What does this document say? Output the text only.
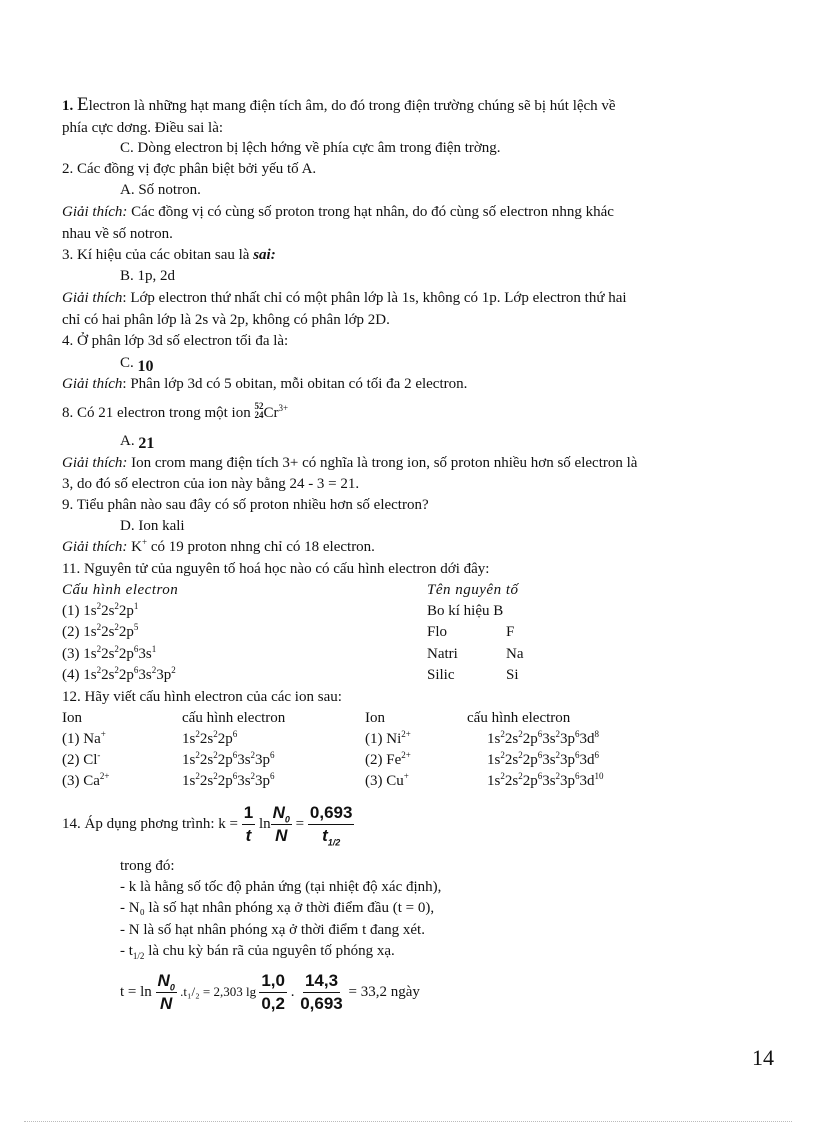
1. Electron là những hạt mang điện tích âm, do đó trong điện trường chúng sẽ bị hút lệch về
phía cực dơng. Điều sai là:
C. Dòng electron bị lệch hớng về phía cực âm trong điện trờng.
2. Các đồng vị đợc phân biệt bởi yếu tố A.
A. Số notron.
Giải thích: Các đồng vị có cùng số proton trong hạt nhân, do đó cùng số electron nhng khác
nhau về số notron.
3. Kí hiệu của các obitan sau là sai:
B. 1p, 2d
Giải thích: Lớp electron thứ nhất chỉ có một phân lớp là 1s, không có 1p. Lớp electron thứ hai
chỉ có hai phân lớp là 2s và 2p, không có phân lớp 2D.
4. Ở phân lớp 3d số electron tối đa là:
C. 10
Giải thích: Phân lớp 3d có 5 obitan, mỗi obitan có tối đa 2 electron.
8. Có 21 electron trong một ion 52
24 $Cr^{3+}$
A. 21
Giải thích: Ion crom mang điện tích 3+ có nghĩa là trong ion, số proton nhiều hơn số electron là
3, do đó số electron của ion này bằng 24 - 3 = 21.
9. Tiểu phân nào sau đây có số proton nhiều hơn số electron?
D. Ion kali
Giải thích: K+ có 19 proton nhng chỉ có 18 electron.
11. Nguyên tử của nguyên tố hoá học nào có cấu hình electron dới đây:
Cấu hình electron	Tên nguyên tố
(1) $1s^22s^22p^1$	Bo kí hiệu B
(2) $1s^22s^22p^5$	Flo	F
(3) $1s^22s^22p^63s^1$	Natri	Na
(4) $1s^22s^22p^63s^23p^2$	Silic	Si
12. Hãy viết cấu hình electron của các ion sau:
Ion	cấu hình electron	Ion	cấu hình electron
(1) Na+	$1s^22s^22p^6$	(1) $Ni^{2+}$	$1s^22s^22p^63s^23p^63d^8$
(2) Cl-	$1s^22s^22p^63s^23p^6$	(2) $Fe^{2+}$	$1s^22s^22p^63s^23p^63d^6$
(3) $Ca^{2+}$	$1s^22s^22p^63s^23p^6$	(3) Cu+	$1s^22s^22p^63s^23p^63d^{10}$
14. Áp dụng phơng trình: $k = \frac{1}{t}$ $\ln \frac{N_0}{N} = \frac{0,693}{t_{1/2}}$
trong đó:
- k là hằng số tốc độ phản ứng (tại nhiệt độ xác định),
- N₀ là số hạt nhân phóng xạ ở thời điểm đầu (t = 0),
- N là số hạt nhân phóng xạ ở thời điểm t đang xét.
- $t_{1/2}$ là chu kỳ bán rã của nguyên tố phóng xạ.
$t = \ln \frac{N_0}{N} .t_1/_2 = 2,303$ $\lg \frac{1,0}{0,2}$ . $\frac{14,3}{0,693} = 33,2$ ngày
14
